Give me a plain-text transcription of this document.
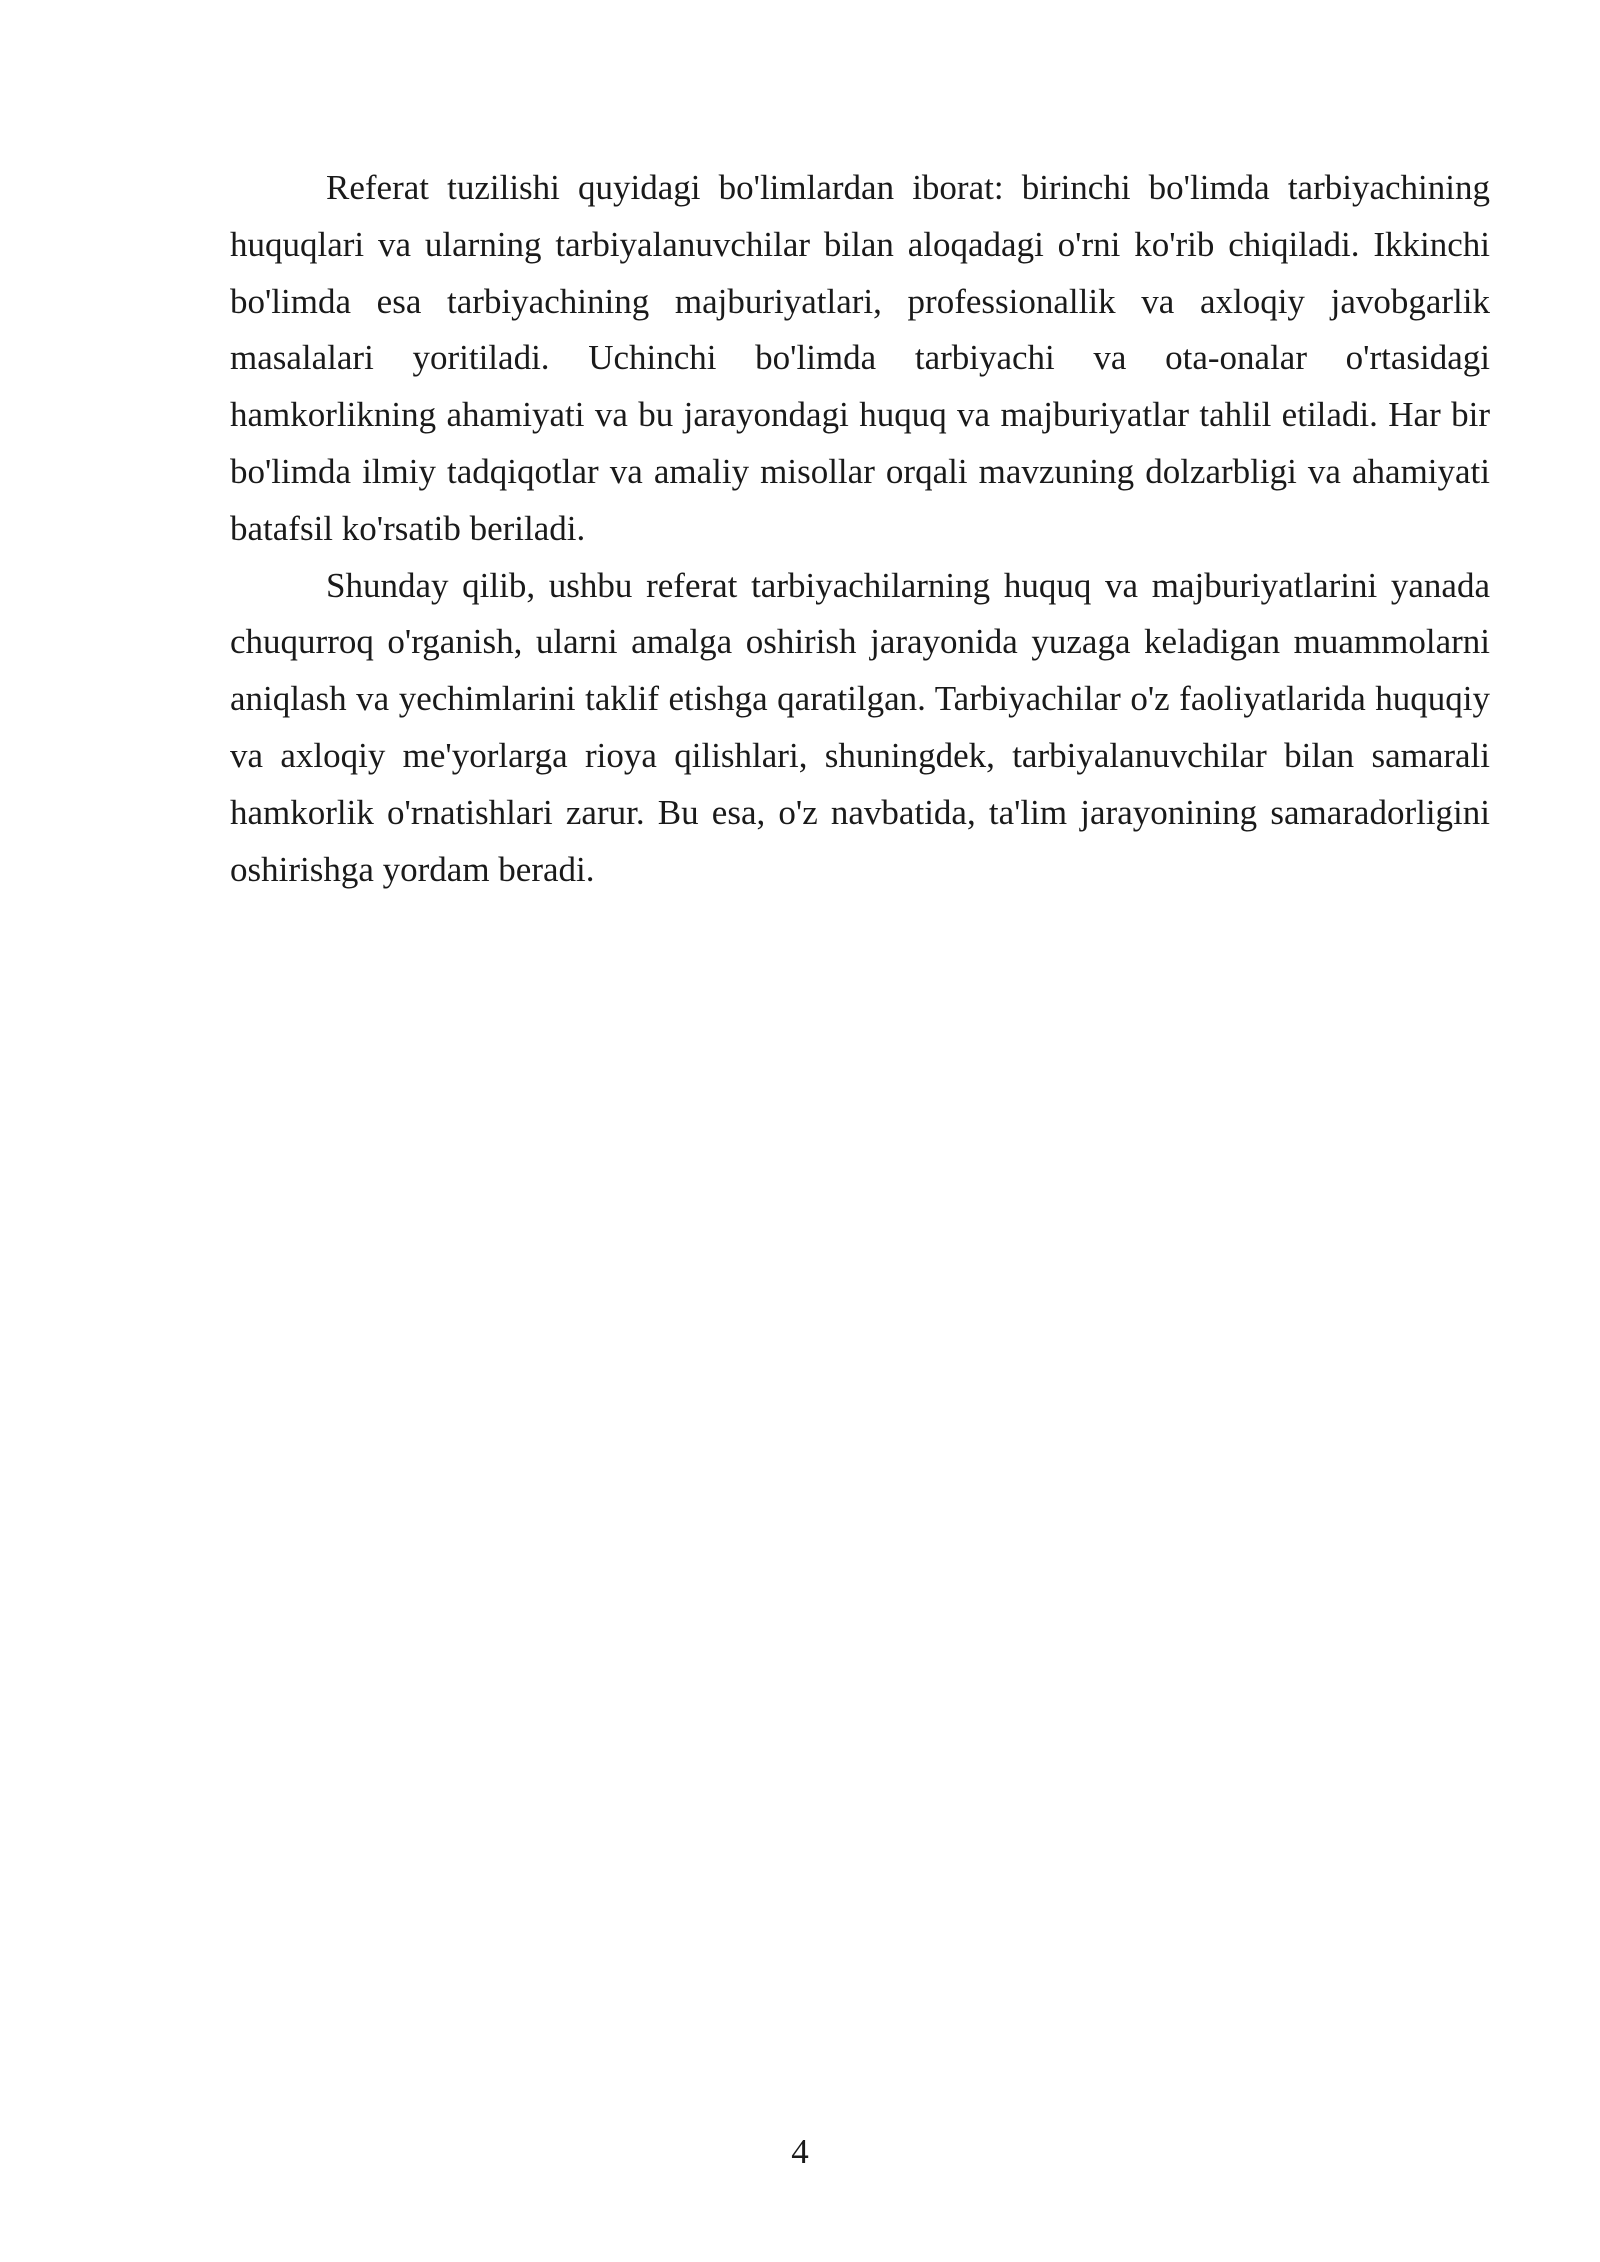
Referat tuzilishi quyidagi bo'limlardan iborat: birinchi bo'limda tarbiyachining huquqlari va ularning tarbiyalanuvchilar bilan aloqadagi o'rni ko'rib chiqiladi. Ikkinchi bo'limda esa tarbiyachining majburiyatlari, professionallik va axloqiy javobgarlik masalalari yoritiladi. Uchinchi bo'limda tarbiyachi va ota-onalar o'rtasidagi hamkorlikning ahamiyati va bu jarayondagi huquq va majburiyatlar tahlil etiladi. Har bir bo'limda ilmiy tadqiqotlar va amaliy misollar orqali mavzuning dolzarbligi va ahamiyati batafsil ko'rsatib beriladi.

Shunday qilib, ushbu referat tarbiyachilarning huquq va majburiyatlarini yanada chuqurroq o'rganish, ularni amalga oshirish jarayonida yuzaga keladigan muammolarni aniqlash va yechimlarini taklif etishga qaratilgan. Tarbiyachilar o'z faoliyatlarida huquqiy va axloqiy me'yorlarga rioya qilishlari, shuningdek, tarbiyalanuvchilar bilan samarali hamkorlik o'rnatishlari zarur. Bu esa, o'z navbatida, ta'lim jarayonining samaradorligini oshirishga yordam beradi.

4
